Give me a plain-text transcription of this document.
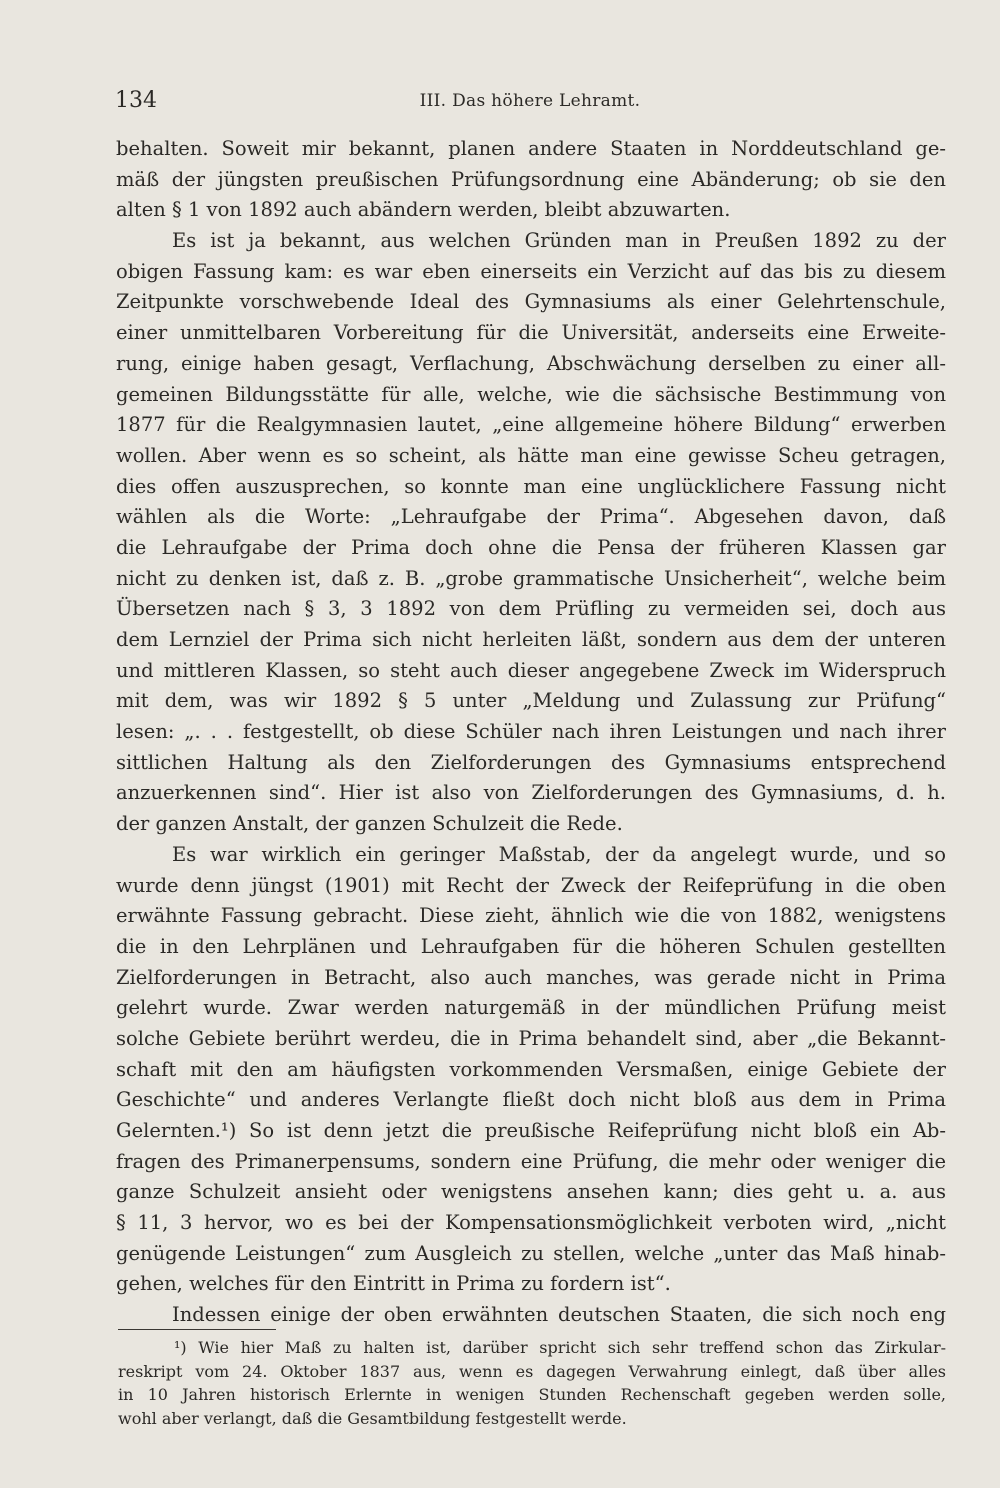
134	III. Das höhere Lehramt.
behalten. Soweit mir bekannt, planen andere Staaten in Norddeutschland ge-
mäß der jüngsten preußischen Prüfungsordnung eine Abänderung; ob sie den
alten § 1 von 1892 auch abändern werden, bleibt abzuwarten.
Es ist ja bekannt, aus welchen Gründen man in Preußen 1892 zu der
obigen Fassung kam: es war eben einerseits ein Verzicht auf das bis zu diesem
Zeitpunkte vorschwebende Ideal des Gymnasiums als einer Gelehrtenschule,
einer unmittelbaren Vorbereitung für die Universität, anderseits eine Erweite-
rung, einige haben gesagt, Verflachung, Abschwächung derselben zu einer all-
gemeinen Bildungsstätte für alle, welche, wie die sächsische Bestimmung von
1877 für die Realgymnasien lautet, „eine allgemeine höhere Bildung“ erwerben
wollen. Aber wenn es so scheint, als hätte man eine gewisse Scheu getragen,
dies offen auszusprechen, so konnte man eine unglücklichere Fassung nicht
wählen als die Worte: „Lehraufgabe der Prima“. Abgesehen davon, daß
die Lehraufgabe der Prima doch ohne die Pensa der früheren Klassen gar
nicht zu denken ist, daß z. B. „grobe grammatische Unsicherheit“, welche beim
Übersetzen nach § 3, 3 1892 von dem Prüfling zu vermeiden sei, doch aus
dem Lernziel der Prima sich nicht herleiten läßt, sondern aus dem der unteren
und mittleren Klassen, so steht auch dieser angegebene Zweck im Widerspruch
mit dem, was wir 1892 § 5 unter „Meldung und Zulassung zur Prüfung“
lesen: „. . . festgestellt, ob diese Schüler nach ihren Leistungen und nach ihrer
sittlichen Haltung als den Zielforderungen des Gymnasiums entsprechend
anzuerkennen sind“. Hier ist also von Zielforderungen des Gymnasiums, d. h.
der ganzen Anstalt, der ganzen Schulzeit die Rede.
Es war wirklich ein geringer Maßstab, der da angelegt wurde, und so
wurde denn jüngst (1901) mit Recht der Zweck der Reifeprüfung in die oben
erwähnte Fassung gebracht. Diese zieht, ähnlich wie die von 1882, wenigstens
die in den Lehrplänen und Lehraufgaben für die höheren Schulen gestellten
Zielforderungen in Betracht, also auch manches, was gerade nicht in Prima
gelehrt wurde. Zwar werden naturgemäß in der mündlichen Prüfung meist
solche Gebiete berührt werdeu, die in Prima behandelt sind, aber „die Bekannt-
schaft mit den am häufigsten vorkommenden Versmaßen, einige Gebiete der
Geschichte“ und anderes Verlangte fließt doch nicht bloß aus dem in Prima
Gelernten.¹) So ist denn jetzt die preußische Reifeprüfung nicht bloß ein Ab-
fragen des Primanerpensums, sondern eine Prüfung, die mehr oder weniger die
ganze Schulzeit ansieht oder wenigstens ansehen kann; dies geht u. a. aus
§ 11, 3 hervor, wo es bei der Kompensationsmöglichkeit verboten wird, „nicht
genügende Leistungen“ zum Ausgleich zu stellen, welche „unter das Maß hinab-
gehen, welches für den Eintritt in Prima zu fordern ist“.
Indessen einige der oben erwähnten deutschen Staaten, die sich noch eng
¹) Wie hier Maß zu halten ist, darüber spricht sich sehr treffend schon das Zirkular-
reskript vom 24. Oktober 1837 aus, wenn es dagegen Verwahrung einlegt, daß über alles
in 10 Jahren historisch Erlernte in wenigen Stunden Rechenschaft gegeben werden solle,
wohl aber verlangt, daß die Gesamtbildung festgestellt werde.
